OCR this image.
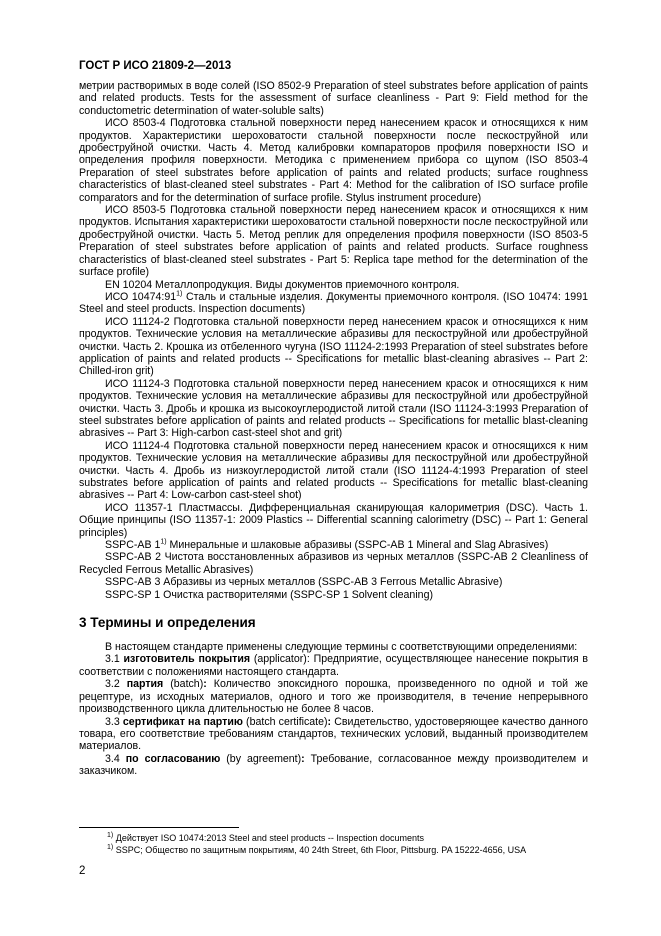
ГОСТ Р ИСО 21809-2—2013

метрии растворимых в воде солей (ISO 8502-9 Preparation of steel substrates before application of paints and related products. Tests for the assessment of surface cleanliness - Part 9: Field method for the conductometric determination of water-soluble salts)

ИСО 8503-4 Подготовка стальной поверхности перед нанесением красок и относящихся к ним продуктов. Характеристики шероховатости стальной поверхности после пескоструйной или дробеструйной очистки. Часть 4. Метод калибровки компараторов профиля поверхности ISO и определения профиля поверхности. Методика с применением прибора со щупом (ISO 8503-4 Preparation of steel substrates before application of paints and related products; surface roughness characteristics of blast-cleaned steel substrates - Part 4: Method for the calibration of ISO surface profile comparators and for the determination of surface profile. Stylus instrument procedure)

ИСО 8503-5 Подготовка стальной поверхности перед нанесением красок и относящихся к ним продуктов. Испытания характеристики шероховатости стальной поверхности после пескоструйной или дробеструйной очистки. Часть 5. Метод реплик для определения профиля поверхности (ISO 8503-5 Preparation of steel substrates before application of paints and related products. Surface roughness characteristics of blast-cleaned steel substrates - Part 5: Replica tape method for the determination of the surface profile)

EN 10204 Металлопродукция. Виды документов приемочного контроля.

ИСО 10474:91$^{1)}$ Сталь и стальные изделия. Документы приемочного контроля. (ISO 10474: 1991 Steel and steel products. Inspection documents)

ИСО 11124-2 Подготовка стальной поверхности перед нанесением красок и относящихся к ним продуктов. Технические условия на металлические абразивы для пескоструйной или дробеструйной очистки. Часть 2. Крошка из отбеленного чугуна (ISO 11124-2:1993 Preparation of steel substrates before application of paints and related products -- Specifications for metallic blast-cleaning abrasives -- Part 2: Chilled-iron grit)

ИСО 11124-3 Подготовка стальной поверхности перед нанесением красок и относящихся к ним продуктов. Технические условия на металлические абразивы для пескоструйной или дробеструйной очистки. Часть 3. Дробь и крошка из высокоуглеродистой литой стали (ISO 11124-3:1993 Preparation of steel substrates before application of paints and related products -- Specifications for metallic blast-cleaning abrasives -- Part 3: High-carbon cast-steel shot and grit)

ИСО 11124-4 Подготовка стальной поверхности перед нанесением красок и относящихся к ним продуктов. Технические условия на металлические абразивы для пескоструйной или дробеструйной очистки. Часть 4. Дробь из низкоуглеродистой литой стали (ISO 11124-4:1993 Preparation of steel substrates before application of paints and related products -- Specifications for metallic blast-cleaning abrasives -- Part 4: Low-carbon cast-steel shot)

ИСО 11357-1 Пластмассы. Дифференциальная сканирующая калориметрия (DSC). Часть 1. Общие принципы (ISO 11357-1: 2009 Plastics -- Differential scanning calorimetry (DSC) -- Part 1: General principles)

SSPC-AB 1$^{1)}$ Минеральные и шлаковые абразивы (SSPC-AB 1 Mineral and Slag Abrasives)

SSPC-AB 2 Чистота восстановленных абразивов из черных металлов (SSPC-AB 2 Cleanliness of Recycled Ferrous Metallic Abrasives)

SSPC-AB 3 Абразивы из черных металлов (SSPC-AB 3 Ferrous Metallic Abrasive)

SSPC-SP 1 Очистка растворителями (SSPC-SP 1 Solvent cleaning)

3 Термины и определения

В настоящем стандарте применены следующие термины с соответствующими определениями:

3.1 изготовитель покрытия (applicator): Предприятие, осуществляющее нанесение покрытия в соответствии с положениями настоящего стандарта.

3.2 партия (batch): Количество эпоксидного порошка, произведенного по одной и той же рецептуре, из исходных материалов, одного и того же производителя, в течение непрерывного производственного цикла длительностью не более 8 часов.

3.3 сертификат на партию (batch certificate): Свидетельство, удостоверяющее качество данного товара, его соответствие требованиям стандартов, технических условий, выданный производителем материалов.

3.4 по согласованию (by agreement): Требование, согласованное между производителем и заказчиком.

$^{1)}$ Действует ISO 10474:2013 Steel and steel products -- Inspection documents

$^{1)}$ SSPC; Общество по защитным покрытиям, 40 24th Street, 6th Floor, Pittsburg. PA 15222-4656, USA

2
